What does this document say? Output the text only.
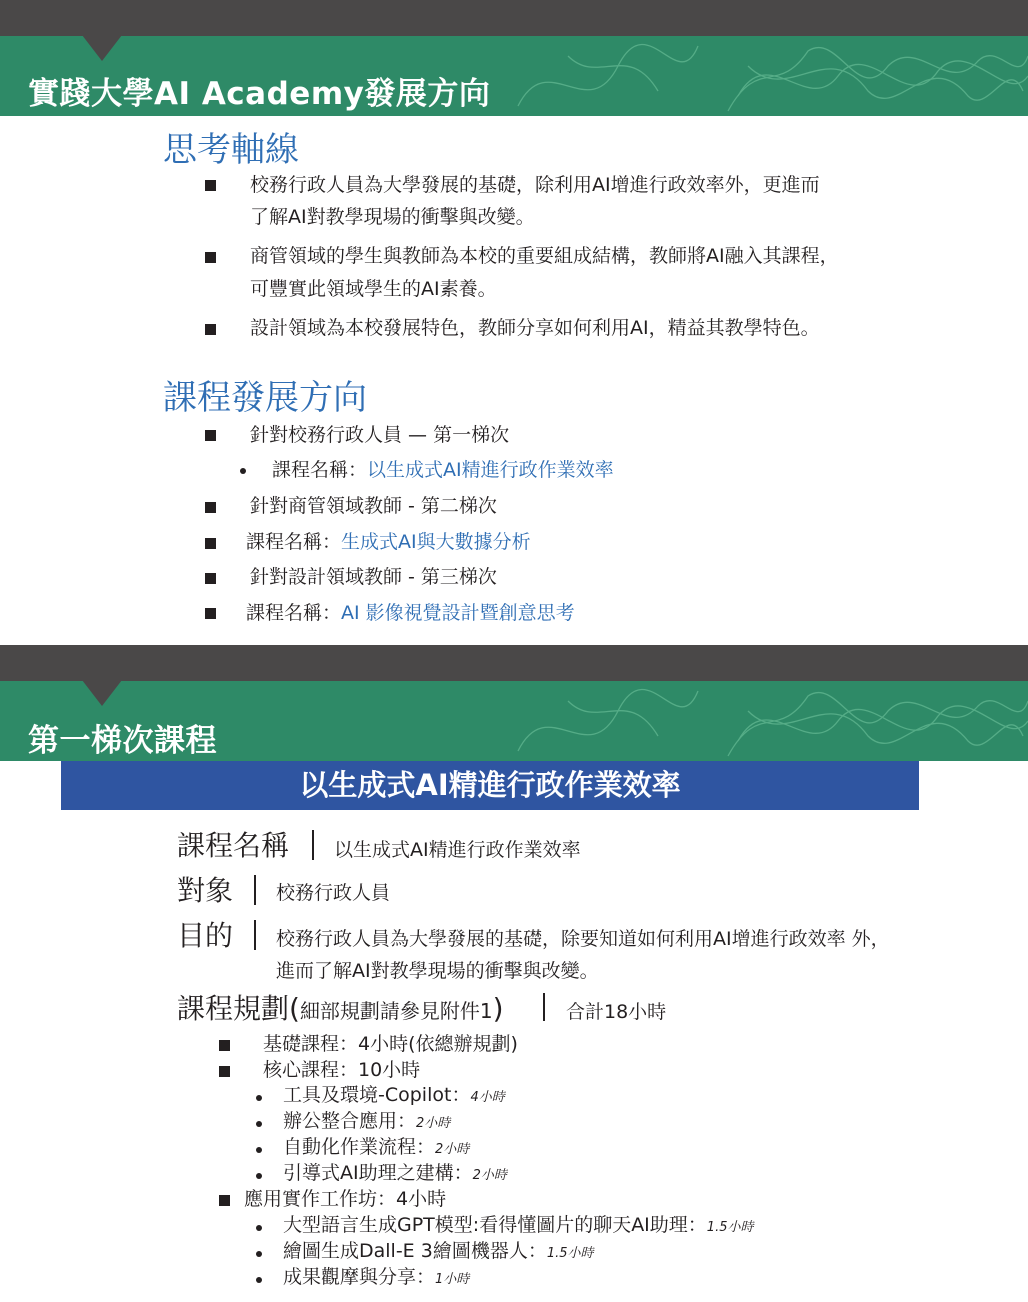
實踐大學AI Academy發展方向
思考軸線
校務行政人員為大學發展的基礎，除利用AI增進行政效率外，更進而
了解AI對教學現場的衝擊與改變。
商管領域的學生與教師為本校的重要組成結構，教師將AI融入其課程，
可豐實此領域學生的AI素養。
設計領域為本校發展特色，教師分享如何利用AI，精益其教學特色。
課程發展方向
針對校務行政人員 — 第一梯次
課程名稱：以生成式AI精進行政作業效率
針對商管領域教師 - 第二梯次
課程名稱：生成式AI與大數據分析
針對設計領域教師 - 第三梯次
課程名稱：AI 影像視覺設計暨創意思考
第一梯次課程
以生成式AI精進行政作業效率
課程名稱 以生成式AI精進行政作業效率
對象 校務行政人員
目的 校務行政人員為大學發展的基礎，除要知道如何利用AI增進行政效率 外，
進而了解AI對教學現場的衝擊與改變。
課程規劃(細部規劃請參見附件1)	合計18小時
基礎課程：4小時(依總辦規劃)
核心課程：10小時
工具及環境-Copilot：4小時
辦公整合應用：2小時
自動化作業流程：2小時
引導式AI助理之建構：2小時
應用實作工作坊：4小時
大型語言生成GPT模型:看得懂圖片的聊天AI助理：1.5小時
繪圖生成Dall-E 3繪圖機器人：1.5小時
成果觀摩與分享：1小時
